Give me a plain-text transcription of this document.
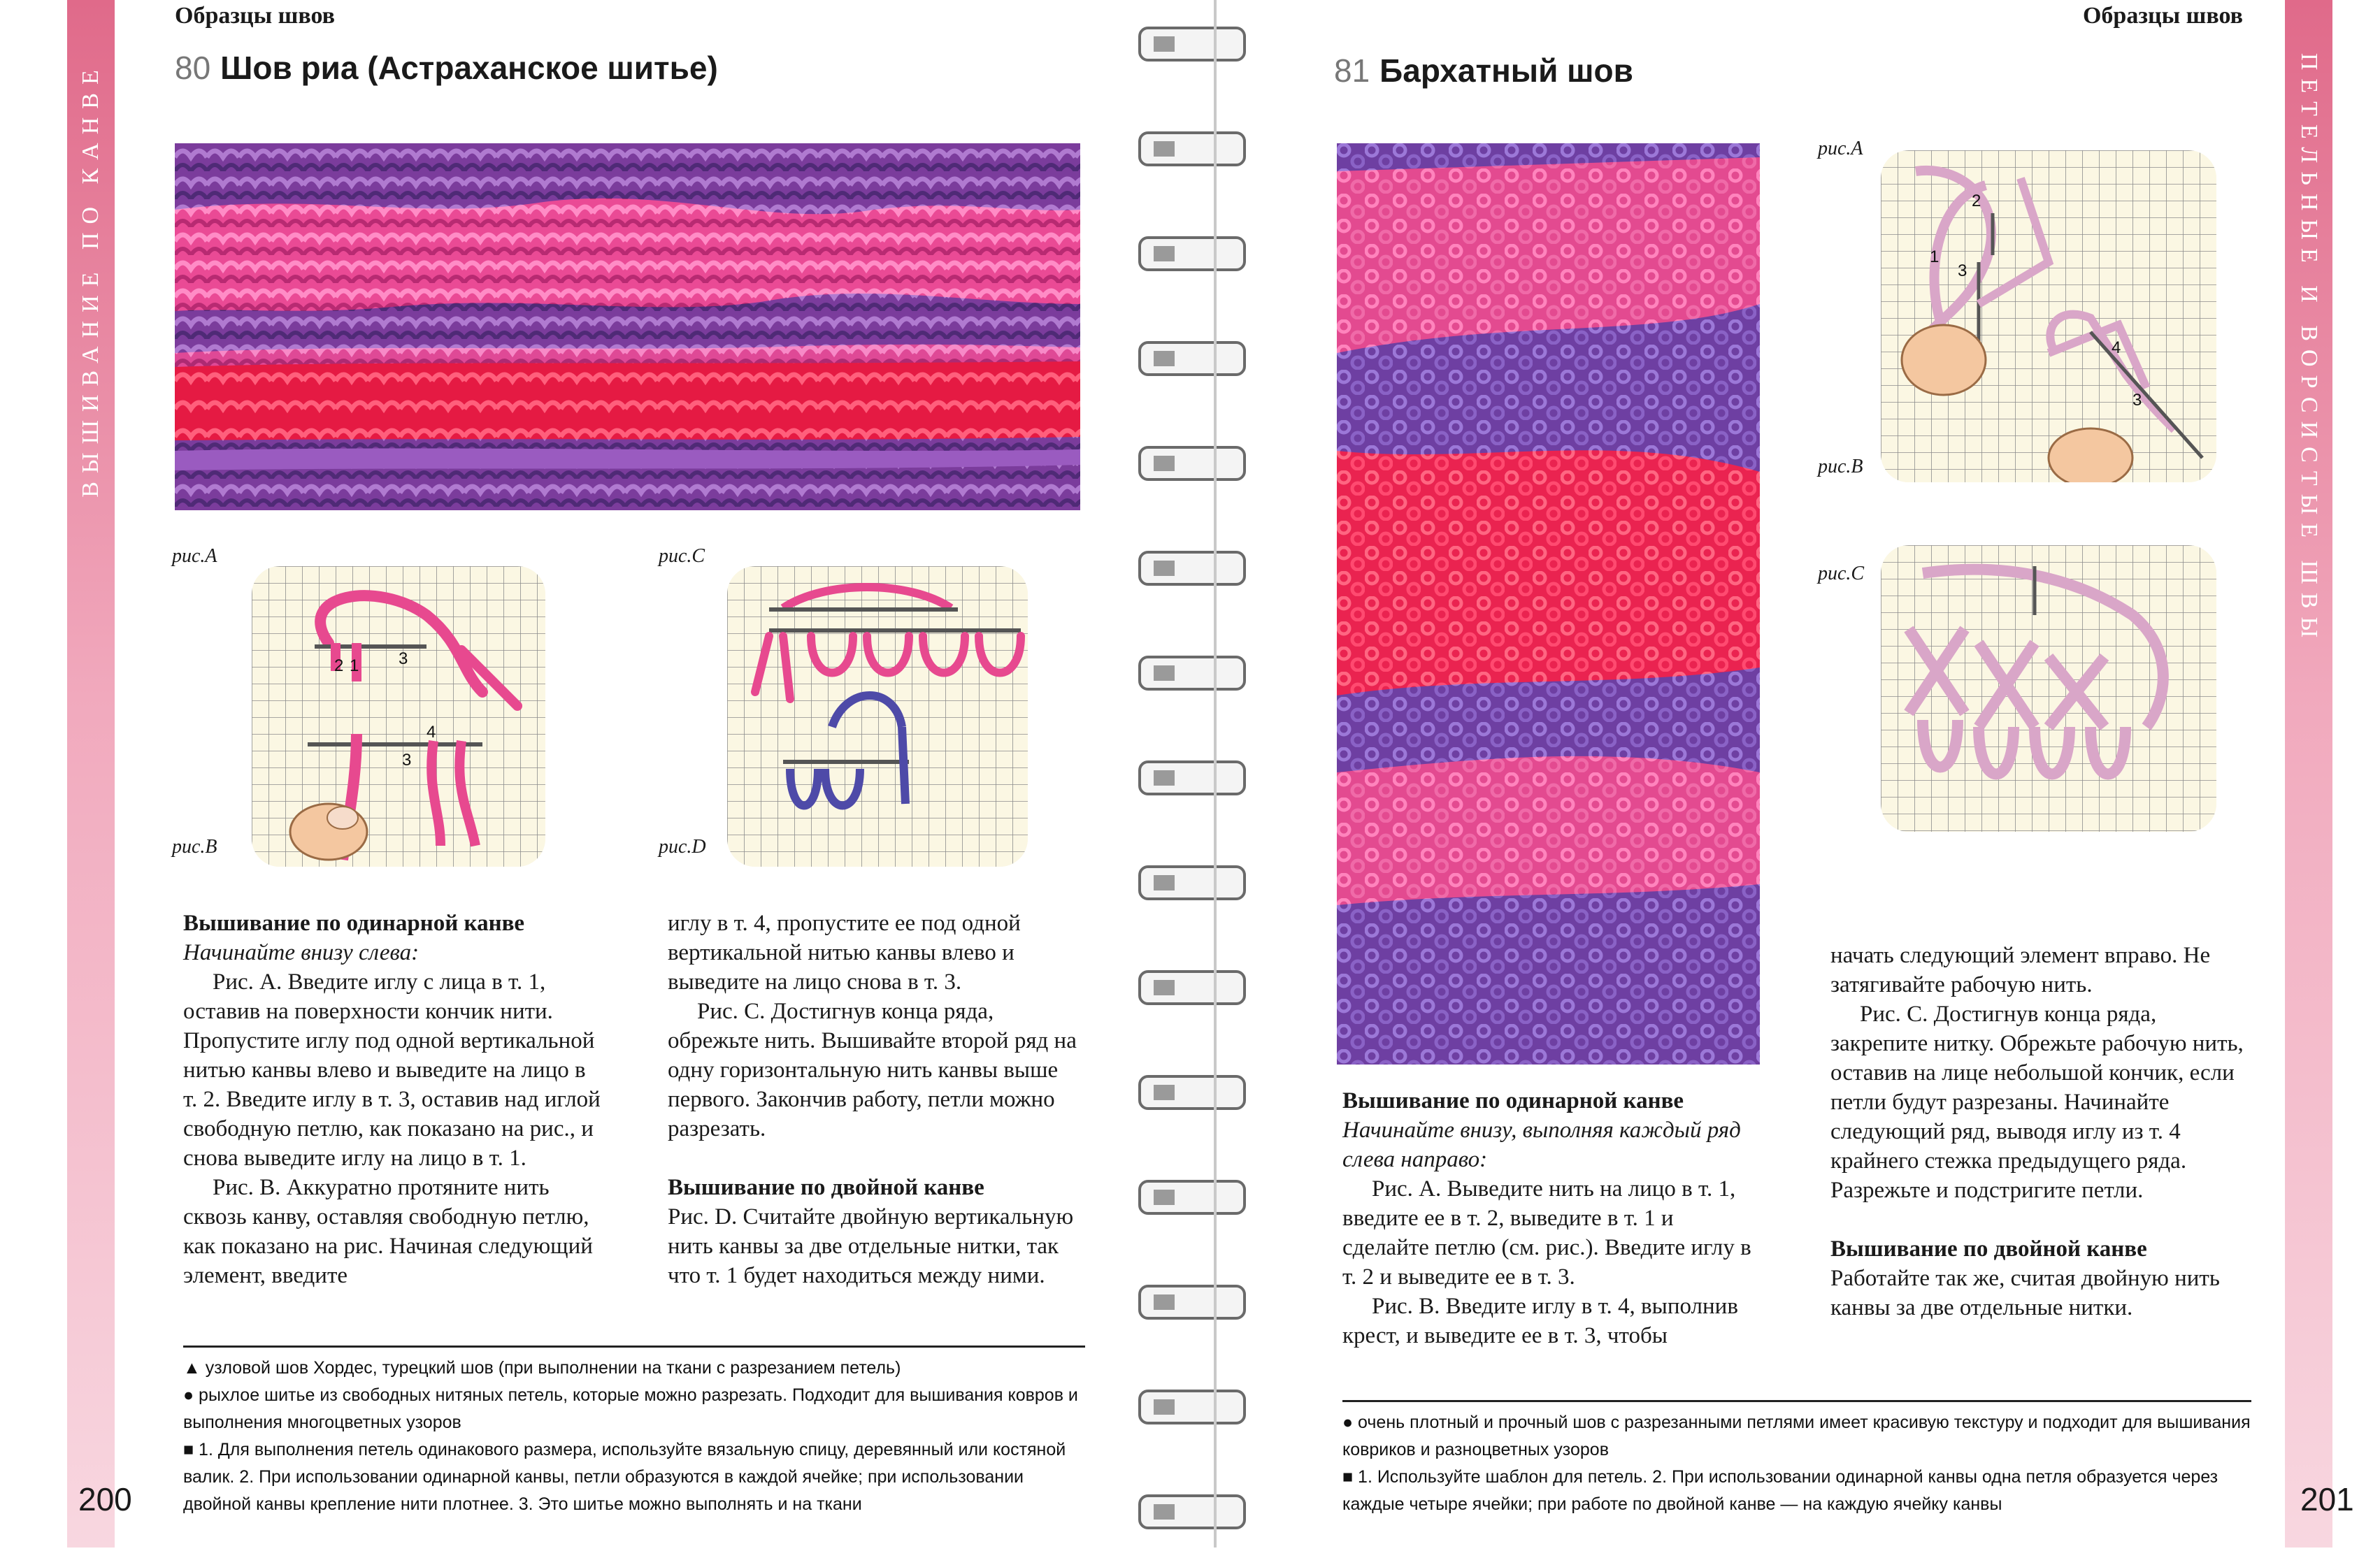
ВЫШИВАНИЕ ПО КАНВЕ
Образцы швов
80 Шов риа (Астраханское шитье)
рис.А
рис.В
рис.С
рис.D
2 1 3
4
3
Вышивание по одинарной канве

Начинайте внизу слева:

Рис. А. Введите иглу с лица в т. 1, оставив на поверхности кончик нити. Пропустите иглу под одной вертикальной нитью канвы влево и выведите на лицо в т. 2. Введите иглу в т. 3, оставив над иглой свободную петлю, как показано на рис., и снова выведите иглу на лицо в т. 1.

Рис. В. Аккуратно протяните нить сквозь канву, оставляя свободную петлю, как показано на рис. Начиная следующий элемент, введите

иглу в т. 4, пропустите ее под одной вертикальной нитью канвы влево и выведите на лицо снова в т. 3.

Рис. С. Достигнув конца ряда, обрежьте нить. Вышивайте второй ряд на одну горизонтальную нить канвы выше первого. Закончив работу, петли можно разрезать.

Вышивание по двойной канве

Рис. D. Считайте двойную вертикальную нить канвы за две отдельные нитки, так что т. 1 будет находиться между ними.

▲ узловой шов Хордес, турецкий шов (при выполнении на ткани с разрезанием петель)

● рыхлое шитье из свободных нитяных петель, которые можно разрезать. Подходит для вышивания ковров и выполнения многоцветных узоров

■ 1. Для выполнения петель одинакового размера, используйте вязальную спицу, деревянный или костяной валик. 2. При использовании одинарной канвы, петли образуются в каждой ячейке; при использовании двойной канвы крепление нити плотнее. 3. Это шитье можно выполнять и на ткани

200
ПЕТЕЛЬНЫЕ И ВОРСИСТЫЕ ШВЫ
Образцы швов
81 Бархатный шов
рис.А
рис.В
рис.С
2
1
3
4
3
Вышивание по одинарной канве

Начинайте внизу, выполняя каждый ряд слева направо:

Рис. А. Выведите нить на лицо в т. 1, введите ее в т. 2, выведите в т. 1 и сделайте петлю (см. рис.). Введите иглу в т. 2 и выведите ее в т. 3.

Рис. В. Введите иглу в т. 4, выполнив крест, и выведите ее в т. 3, чтобы

начать следующий элемент вправо. Не затягивайте рабочую нить.

Рис. С. Достигнув конца ряда, закрепите нитку. Обрежьте рабочую нить, оставив на лице небольшой кончик, если петли будут разрезаны. Начинайте следующий ряд, выводя иглу из т. 4 крайнего стежка предыдущего ряда. Разрежьте и подстригите петли.

Вышивание по двойной канве

Работайте так же, считая двойную нить канвы за две отдельные нитки.

● очень плотный и прочный шов с разрезанными петлями имеет красивую текстуру и подходит для вышивания ковриков и разноцветных узоров

■ 1. Используйте шаблон для петель. 2. При использовании одинарной канвы одна петля образуется через каждые четыре ячейки; при работе по двойной канве — на каждую ячейку канвы	201
